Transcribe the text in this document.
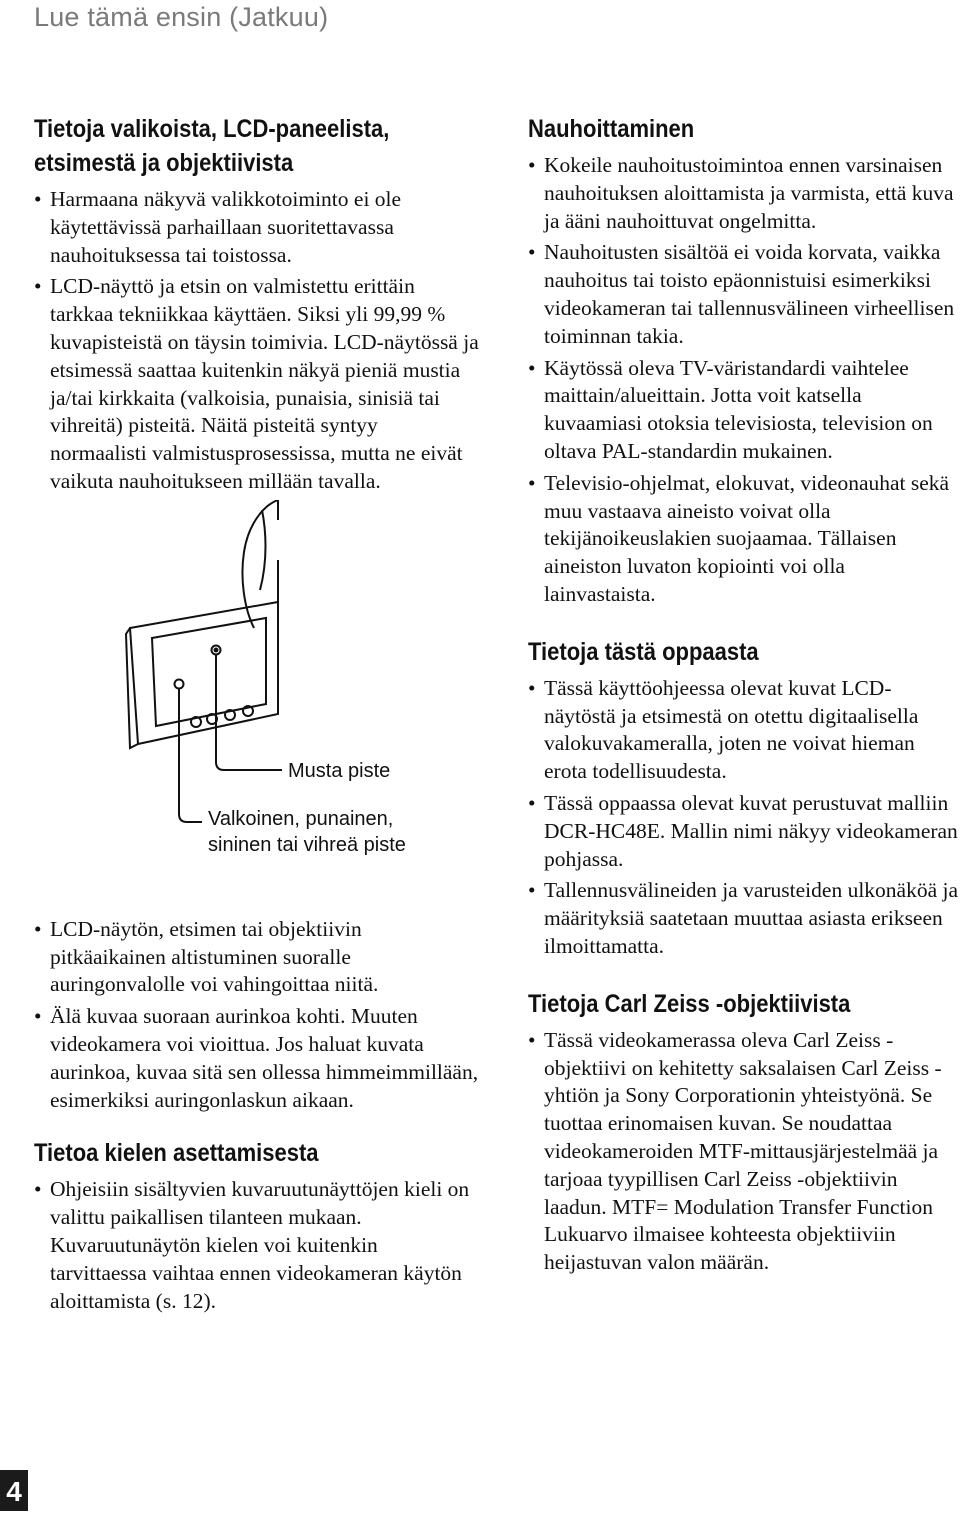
Lue tämä ensin (Jatkuu)
Tietoja valikoista, LCD-paneelista,
etsimestä ja objektiivista
• Harmaana näkyvä valikkotoiminto ei ole käytettävissä parhaillaan suoritettavassa nauhoituksessa tai toistossa.
• LCD-näyttö ja etsin on valmistettu erittäin tarkkaa tekniikkaa käyttäen. Siksi yli 99,99 % kuvapisteistä on täysin toimivia. LCD-näytössä ja etsimessä saattaa kuitenkin näkyä pieniä mustia ja/tai kirkkaita (valkoisia, punaisia, sinisiä tai vihreitä) pisteitä. Näitä pisteitä syntyy normaalisti valmistusprosessissa, mutta ne eivät vaikuta nauhoitukseen millään tavalla.
Musta piste
Valkoinen, punainen,
sininen tai vihreä piste
• LCD-näytön, etsimen tai objektiivin pitkäaikainen altistuminen suoralle auringonvalolle voi vahingoittaa niitä.
• Älä kuvaa suoraan aurinkoa kohti. Muuten videokamera voi vioittua. Jos haluat kuvata aurinkoa, kuvaa sitä sen ollessa himmeimmillään, esimerkiksi auringonlaskun aikaan.
Tietoa kielen asettamisesta
• Ohjeisiin sisältyvien kuvaruutunäyttöjen kieli on valittu paikallisen tilanteen mukaan. Kuvaruutunäytön kielen voi kuitenkin tarvittaessa vaihtaa ennen videokameran käytön aloittamista (s. 12).
Nauhoittaminen
• Kokeile nauhoitustoimintoa ennen varsinaisen nauhoituksen aloittamista ja varmista, että kuva ja ääni nauhoittuvat ongelmitta.
• Nauhoitusten sisältöä ei voida korvata, vaikka nauhoitus tai toisto epäonnistuisi esimerkiksi videokameran tai tallennusvälineen virheellisen toiminnan takia.
• Käytössä oleva TV-väristandardi vaihtelee maittain/alueittain. Jotta voit katsella kuvaamiasi otoksia televisiosta, television on oltava PAL-standardin mukainen.
• Televisio-ohjelmat, elokuvat, videonauhat sekä muu vastaava aineisto voivat olla tekijänoikeuslakien suojaamaa. Tällaisen aineiston luvaton kopiointi voi olla lainvastaista.
Tietoja tästä oppaasta
• Tässä käyttöohjeessa olevat kuvat LCD-näytöstä ja etsimestä on otettu digitaalisella valokuvakameralla, joten ne voivat hieman erota todellisuudesta.
• Tässä oppaassa olevat kuvat perustuvat malliin DCR-HC48E. Mallin nimi näkyy videokameran pohjassa.
• Tallennusvälineiden ja varusteiden ulkonäköä ja määrityksiä saatetaan muuttaa asiasta erikseen ilmoittamatta.
Tietoja Carl Zeiss -objektiivista
• Tässä videokamerassa oleva Carl Zeiss -objektiivi on kehitetty saksalaisen Carl Zeiss -yhtiön ja Sony Corporationin yhteistyönä. Se tuottaa erinomaisen kuvan. Se noudattaa videokameroiden MTF-mittausjärjestelmää ja tarjoaa tyypillisen Carl Zeiss -objektiivin laadun. MTF= Modulation Transfer Function Lukuarvo ilmaisee kohteesta objektiiviin heijastuvan valon määrän.
4
